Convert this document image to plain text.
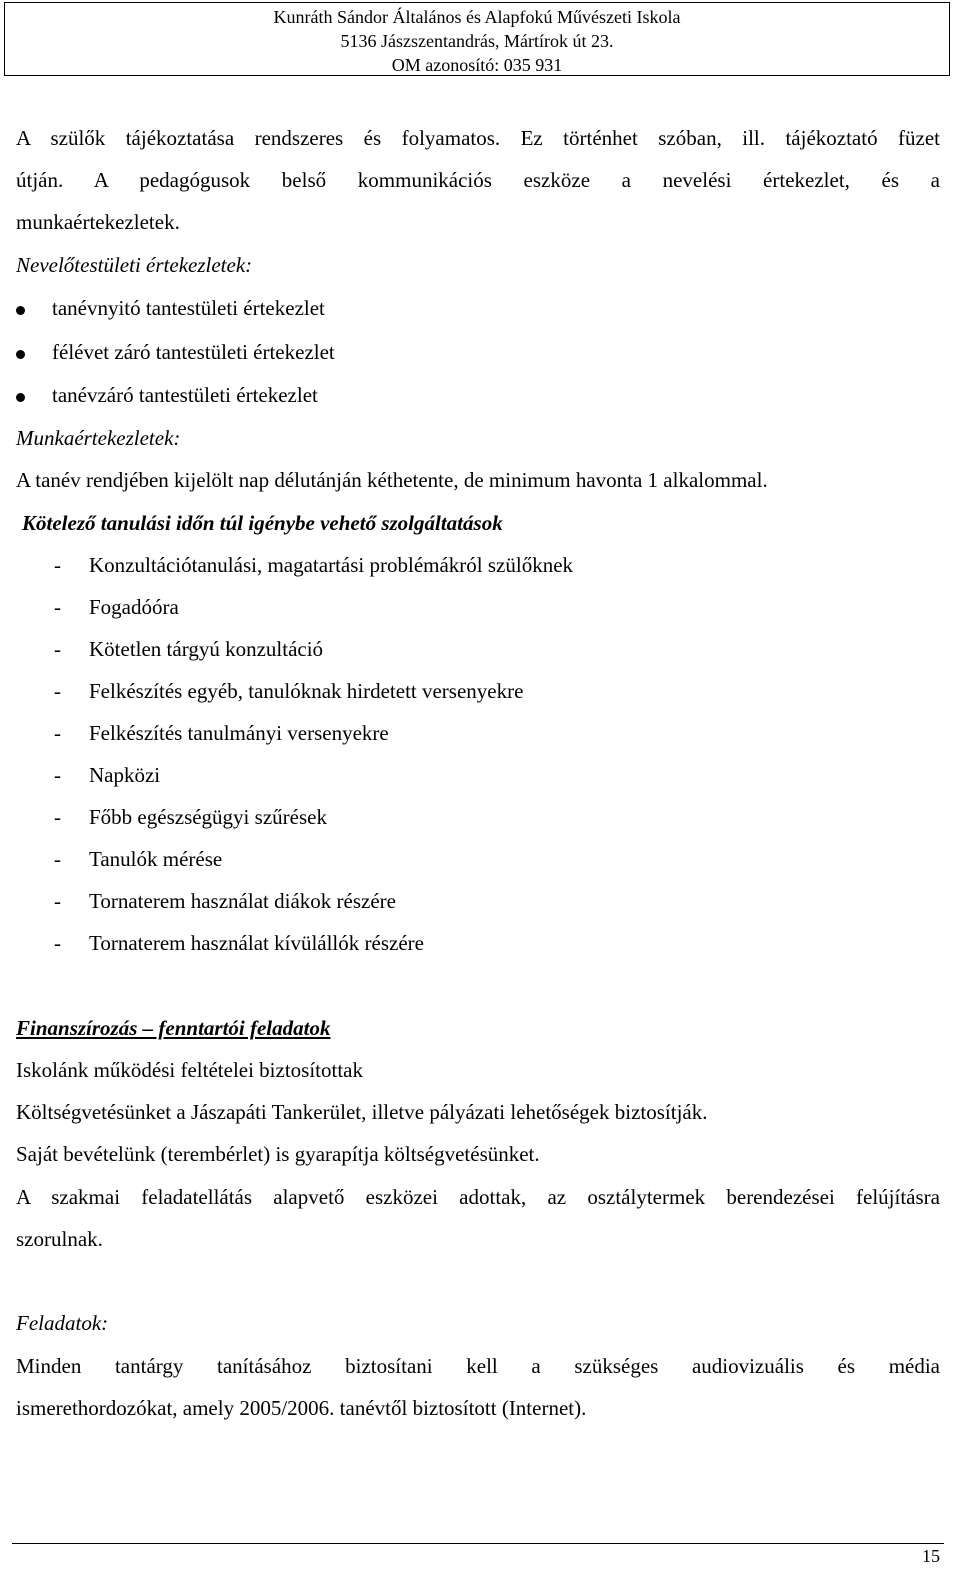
Kunráth Sándor Általános és Alapfokú Művészeti Iskola
5136 Jászszentandrás, Mártírok út 23.
OM azonosító: 035 931
A szülők tájékoztatása rendszeres és folyamatos. Ez történhet szóban, ill. tájékoztató füzet
útján. A pedagógusok belső kommunikációs eszköze a nevelési értekezlet, és a
munkaértekezletek.
Nevelőtestületi értekezletek:
tanévnyitó tantestületi értekezlet
félévet záró tantestületi értekezlet
tanévzáró tantestületi értekezlet
Munkaértekezletek:
A tanév rendjében kijelölt nap délutánján kéthetente, de minimum havonta 1 alkalommal.
Kötelező tanulási időn túl igénybe vehető szolgáltatások
- Konzultációtanulási, magatartási problémákról szülőknek
- Fogadóóra
- Kötetlen tárgyú konzultáció
- Felkészítés egyéb, tanulóknak hirdetett versenyekre
- Felkészítés tanulmányi versenyekre
- Napközi
- Főbb egészségügyi szűrések
- Tanulók mérése
- Tornaterem használat diákok részére
- Tornaterem használat kívülállók részére
Finanszírozás – fenntartói feladatok
Iskolánk működési feltételei biztosítottak
Költségvetésünket a Jászapáti Tankerület, illetve pályázati lehetőségek biztosítják.
Saját bevételünk (terembérlet) is gyarapítja költségvetésünket.
A szakmai feladatellátás alapvető eszközei adottak, az osztálytermek berendezései felújításra
szorulnak.
Feladatok:
Minden tantárgy tanításához biztosítani kell a szükséges audiovizuális és média
ismerethordozókat, amely 2005/2006. tanévtől biztosított (Internet).
15
